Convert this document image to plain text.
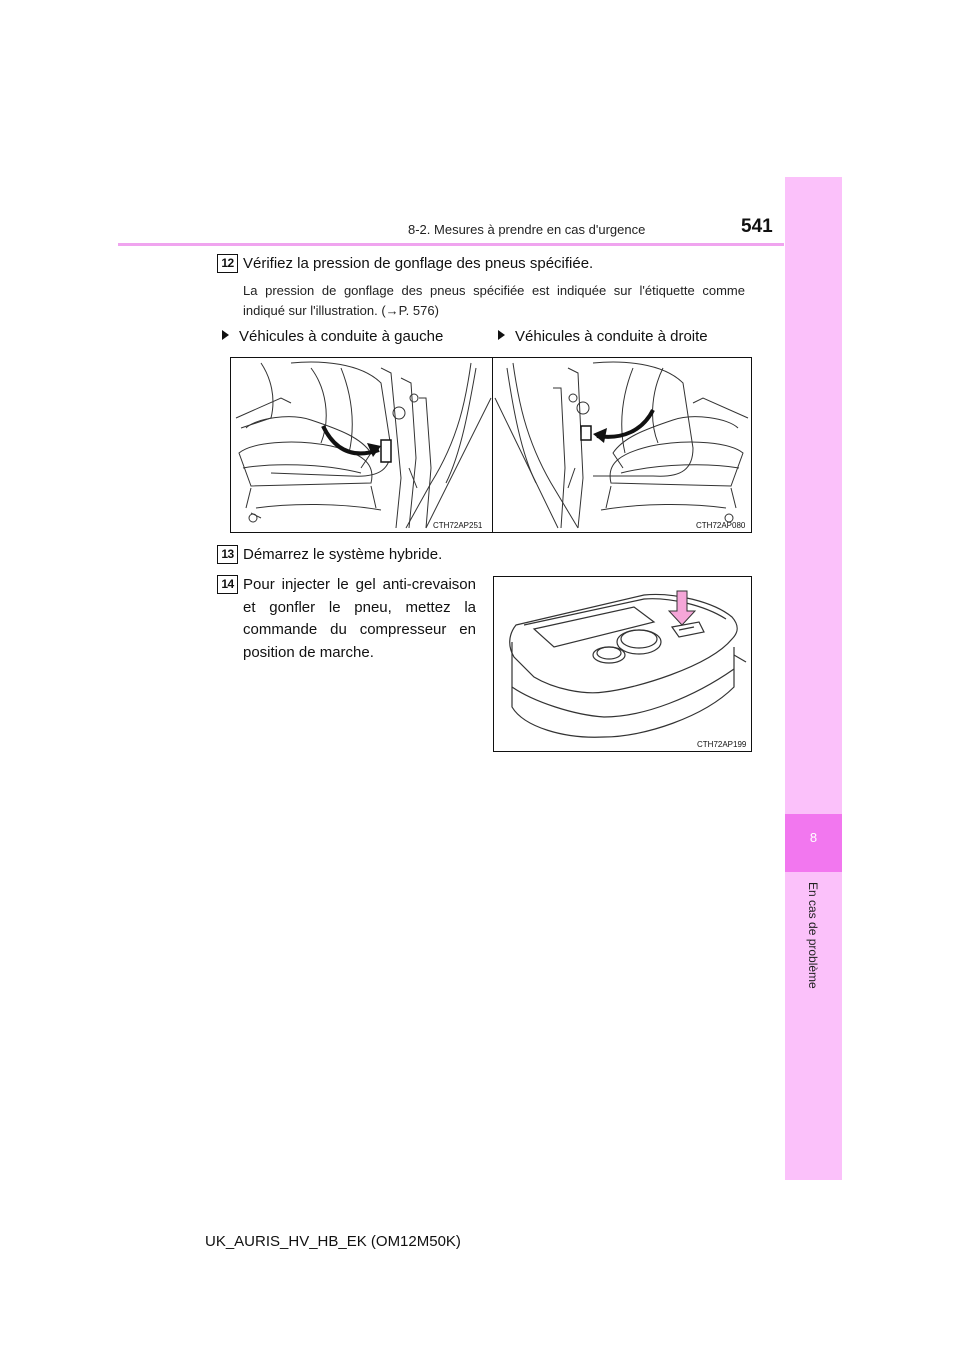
8-2. Mesures à prendre en cas d'urgence	541
8
En cas de problème
12 Vérifiez la pression de gonflage des pneus spécifiée.
La pression de gonflage des pneus spécifiée est indiquée sur l'étiquette comme indiqué sur l'illustration. (→P. 576)
Véhicules à conduite à gauche	Véhicules à conduite à droite
CTH72AP251	CTH72AP080
13 Démarrez le système hybride.
14 Pour injecter le gel anti-crevaison et gonfler le pneu, mettez la commande du compresseur en position de marche.
CTH72AP199
UK_AURIS_HV_HB_EK (OM12M50K)
